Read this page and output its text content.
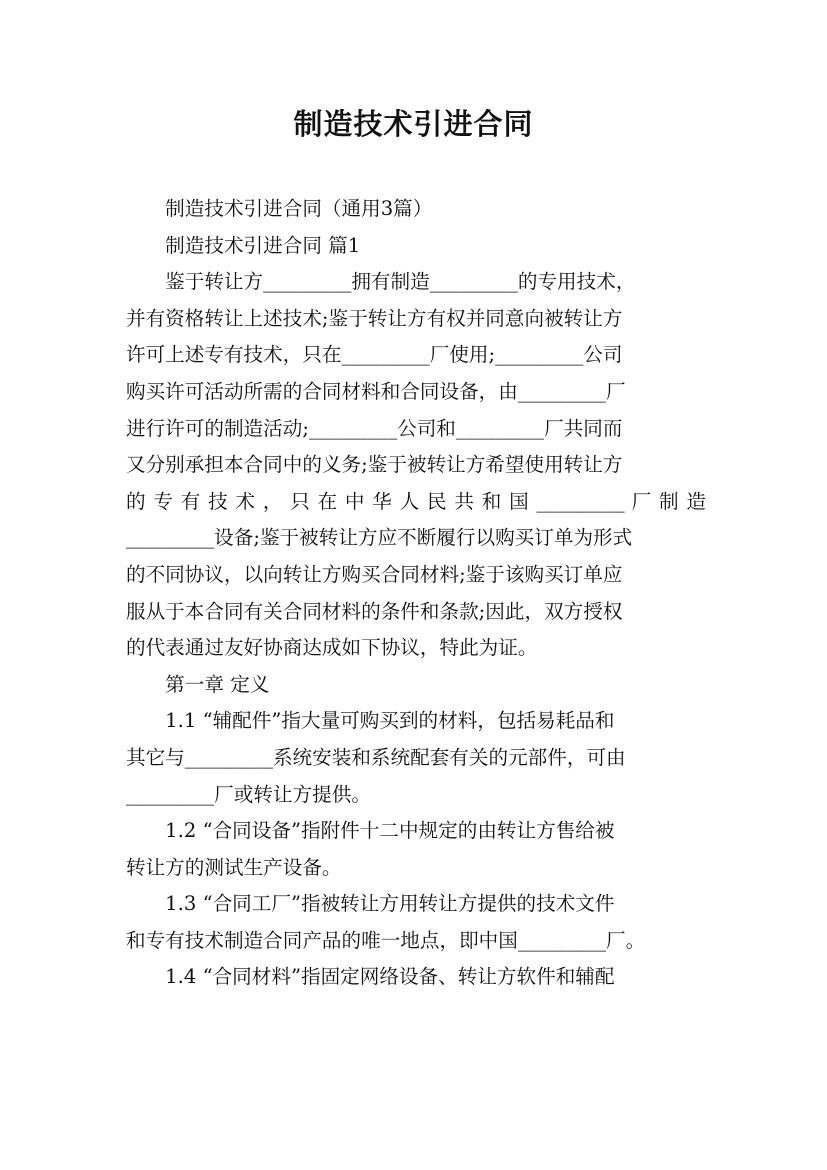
制造技术引进合同
　　制造技术引进合同（通用3篇）
　　制造技术引进合同 篇1
　　鉴于转让方_________拥有制造_________的专用技术，
并有资格转让上述技术;鉴于转让方有权并同意向被转让方
许可上述专有技术，只在_________厂使用;_________公司
购买许可活动所需的合同材料和合同设备，由_________厂
进行许可的制造活动;_________公司和_________厂共同而
又分别承担本合同中的义务;鉴于被转让方希望使用转让方
的 专 有 技 术 ， 只 在 中 华 人 民 共 和 国 _________ 厂 制 造
_________设备;鉴于被转让方应不断履行以购买订单为形式
的不同协议，以向转让方购买合同材料;鉴于该购买订单应
服从于本合同有关合同材料的条件和条款;因此，双方授权
的代表通过友好协商达成如下协议，特此为证。
　　第一章 定义
　　1.1 “辅配件”指大量可购买到的材料，包括易耗品和
其它与_________系统安装和系统配套有关的元部件，可由
_________厂或转让方提供。
　　1.2 “合同设备”指附件十二中规定的由转让方售给被
转让方的测试生产设备。
　　1.3 “合同工厂”指被转让方用转让方提供的技术文件
和专有技术制造合同产品的唯一地点，即中国_________厂。
　　1.4 “合同材料”指固定网络设备、转让方软件和辅配
